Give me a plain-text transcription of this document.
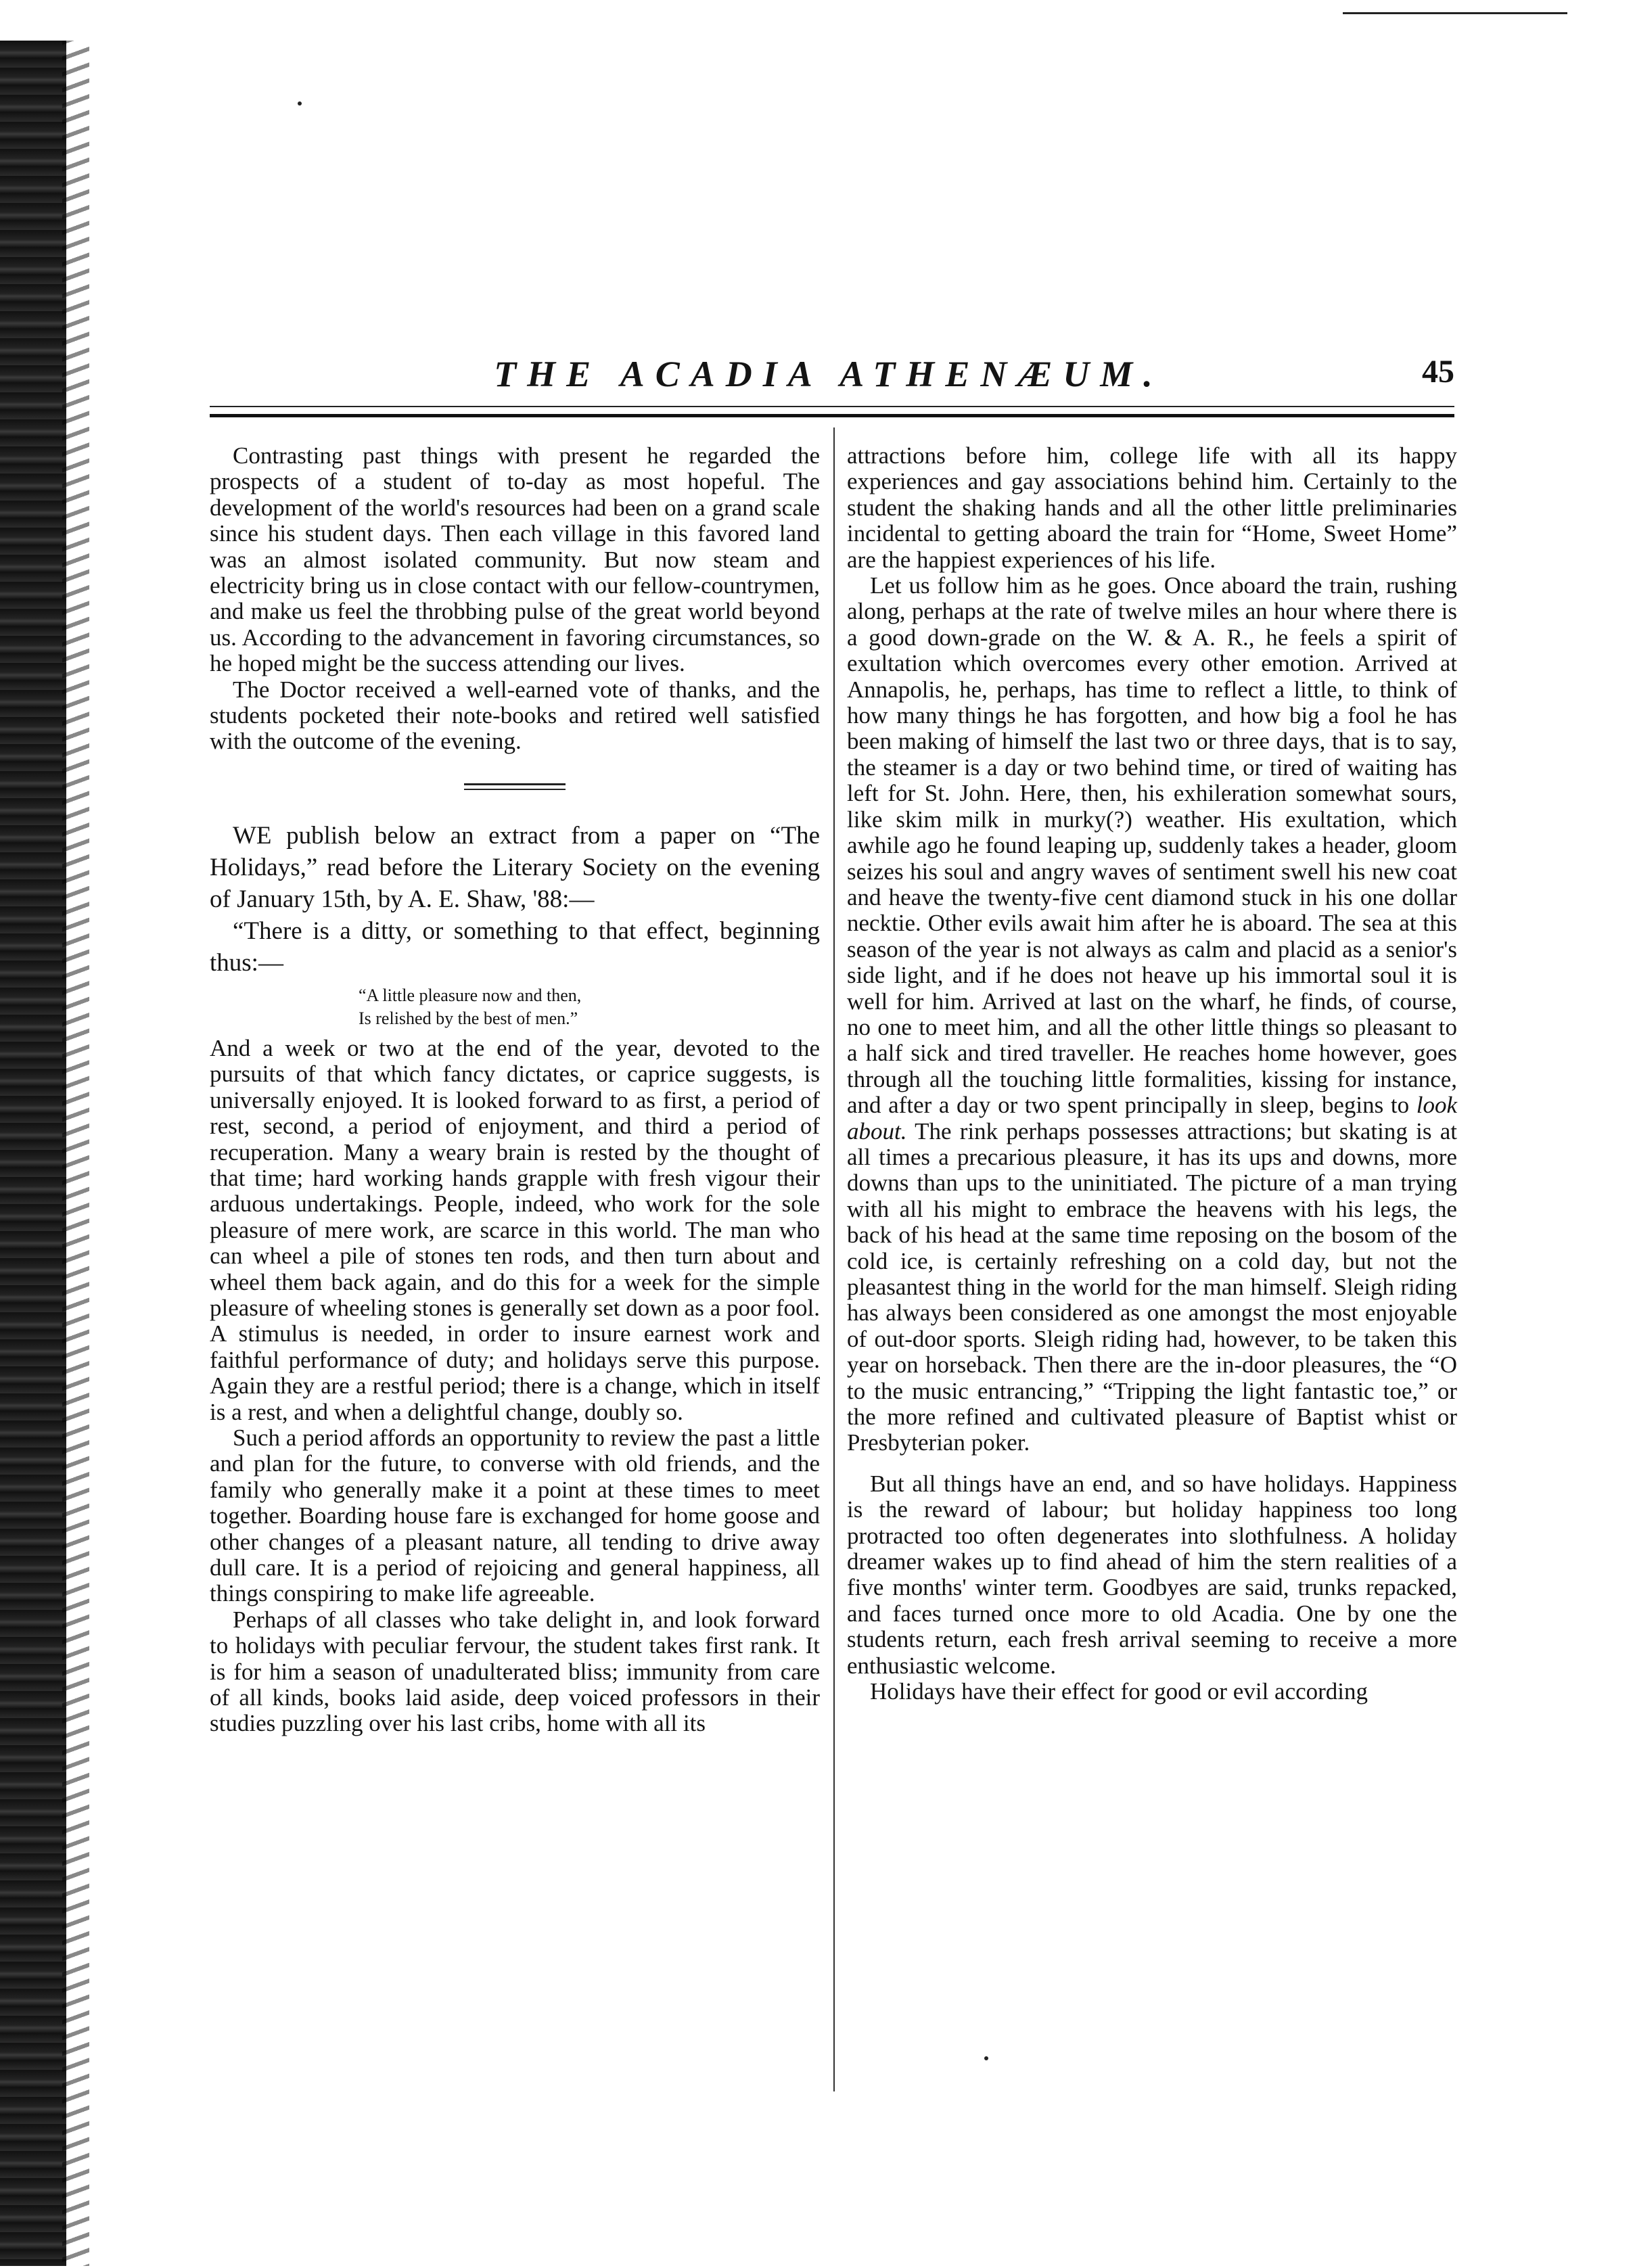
THE ACADIA ATHENÆUM.	45

Contrasting past things with present he regarded the prospects of a student of to-day as most hopeful. The development of the world's resources had been on a grand scale since his student days. Then each village in this favored land was an almost isolated community. But now steam and electricity bring us in close contact with our fellow-countrymen, and make us feel the throbbing pulse of the great world beyond us. According to the advancement in favoring circumstances, so he hoped might be the success attending our lives.

The Doctor received a well-earned vote of thanks, and the students pocketed their note-books and retired well satisfied with the outcome of the evening.

WE publish below an extract from a paper on “The Holidays,” read before the Literary Society on the evening of January 15th, by A. E. Shaw, '88:—

“There is a ditty, or something to that effect, beginning thus:—

“A little pleasure now and then,
Is relished by the best of men.”

And a week or two at the end of the year, devoted to the pursuits of that which fancy dictates, or caprice suggests, is universally enjoyed. It is looked forward to as first, a period of rest, second, a period of enjoyment, and third a period of recuperation. Many a weary brain is rested by the thought of that time; hard working hands grapple with fresh vigour their arduous undertakings. People, indeed, who work for the sole pleasure of mere work, are scarce in this world. The man who can wheel a pile of stones ten rods, and then turn about and wheel them back again, and do this for a week for the simple pleasure of wheeling stones is generally set down as a poor fool. A stimulus is needed, in order to insure earnest work and faithful performance of duty; and holidays serve this purpose. Again they are a restful period; there is a change, which in itself is a rest, and when a delightful change, doubly so.

Such a period affords an opportunity to review the past a little and plan for the future, to converse with old friends, and the family who generally make it a point at these times to meet together. Boarding house fare is exchanged for home goose and other changes of a pleasant nature, all tending to drive away dull care. It is a period of rejoicing and general happiness, all things conspiring to make life agreeable.

Perhaps of all classes who take delight in, and look forward to holidays with peculiar fervour, the student takes first rank. It is for him a season of unadulterated bliss; immunity from care of all kinds, books laid aside, deep voiced professors in their studies puzzling over his last cribs, home with all its

attractions before him, college life with all its happy experiences and gay associations behind him. Certainly to the student the shaking hands and all the other little preliminaries incidental to getting aboard the train for “Home, Sweet Home” are the happiest experiences of his life.

Let us follow him as he goes. Once aboard the train, rushing along, perhaps at the rate of twelve miles an hour where there is a good down-grade on the W. & A. R., he feels a spirit of exultation which overcomes every other emotion. Arrived at Annapolis, he, perhaps, has time to reflect a little, to think of how many things he has forgotten, and how big a fool he has been making of himself the last two or three days, that is to say, the steamer is a day or two behind time, or tired of waiting has left for St. John. Here, then, his exhileration somewhat sours, like skim milk in murky(?) weather. His exultation, which awhile ago he found leaping up, suddenly takes a header, gloom seizes his soul and angry waves of sentiment swell his new coat and heave the twenty-five cent diamond stuck in his one dollar necktie. Other evils await him after he is aboard. The sea at this season of the year is not always as calm and placid as a senior's side light, and if he does not heave up his immortal soul it is well for him. Arrived at last on the wharf, he finds, of course, no one to meet him, and all the other little things so pleasant to a half sick and tired traveller. He reaches home however, goes through all the touching little formalities, kissing for instance, and after a day or two spent principally in sleep, begins to look about. The rink perhaps possesses attractions; but skating is at all times a precarious pleasure, it has its ups and downs, more downs than ups to the uninitiated. The picture of a man trying with all his might to embrace the heavens with his legs, the back of his head at the same time reposing on the bosom of the cold ice, is certainly refreshing on a cold day, but not the pleasantest thing in the world for the man himself. Sleigh riding has always been considered as one amongst the most enjoyable of out-door sports. Sleigh riding had, however, to be taken this year on horseback. Then there are the in-door pleasures, the “O to the music entrancing,” “Tripping the light fantastic toe,” or the more refined and cultivated pleasure of Baptist whist or Presbyterian poker.

But all things have an end, and so have holidays. Happiness is the reward of labour; but holiday happiness too long protracted too often degenerates into slothfulness. A holiday dreamer wakes up to find ahead of him the stern realities of a five months' winter term. Goodbyes are said, trunks repacked, and faces turned once more to old Acadia. One by one the students return, each fresh arrival seeming to receive a more enthusiastic welcome.

Holidays have their effect for good or evil according
